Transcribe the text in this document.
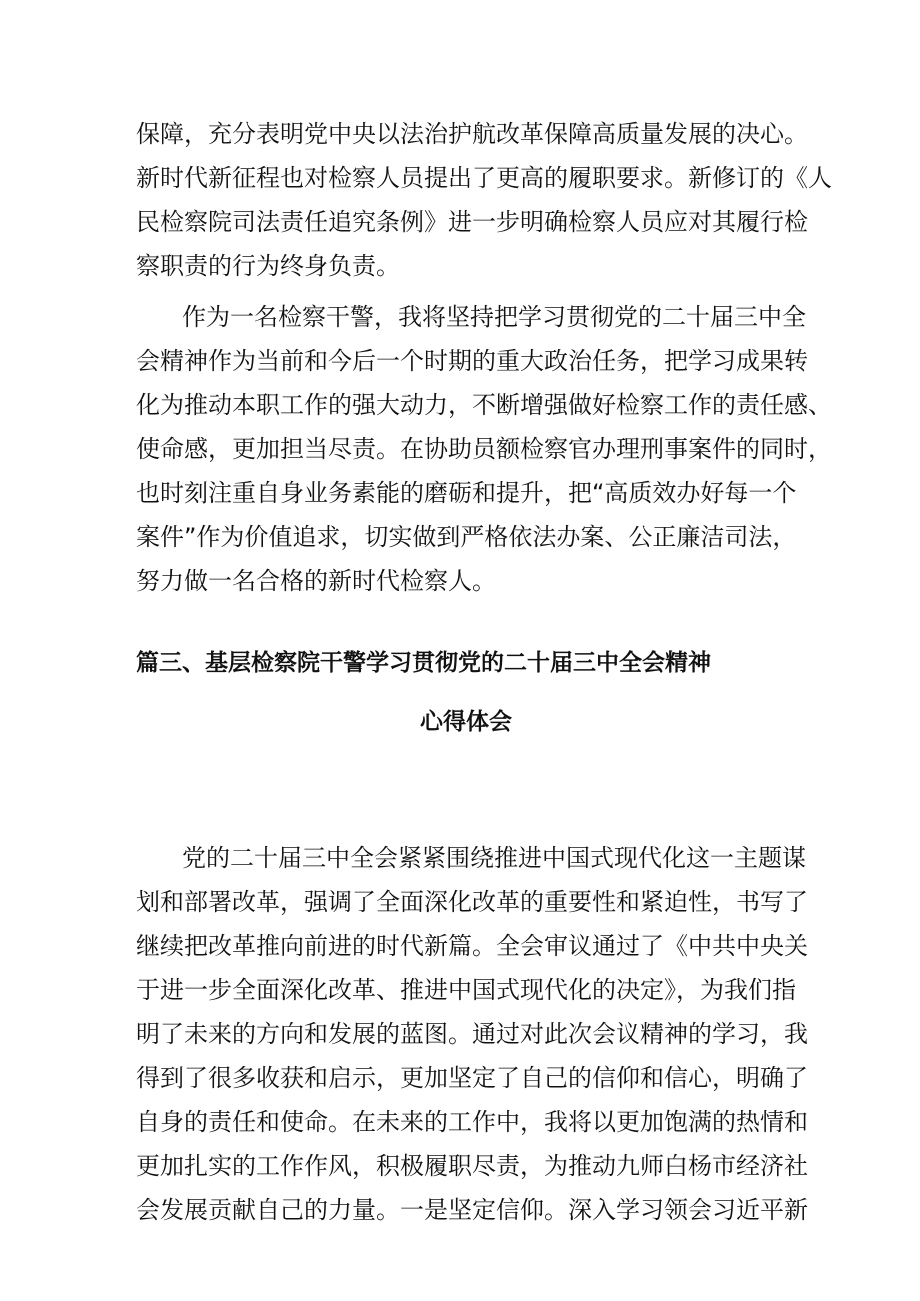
保障，充分表明党中央以法治护航改革保障高质量发展的决心。
新时代新征程也对检察人员提出了更高的履职要求。新修订的《人
民检察院司法责任追究条例》进一步明确检察人员应对其履行检
察职责的行为终身负责。
作为一名检察干警，我将坚持把学习贯彻党的二十届三中全
会精神作为当前和今后一个时期的重大政治任务，把学习成果转
化为推动本职工作的强大动力，不断增强做好检察工作的责任感、
使命感，更加担当尽责。在协助员额检察官办理刑事案件的同时，
也时刻注重自身业务素能的磨砺和提升，把“高质效办好每一个
案件”作为价值追求，切实做到严格依法办案、公正廉洁司法，
努力做一名合格的新时代检察人。
篇三、基层检察院干警学习贯彻党的二十届三中全会精神
心得体会
党的二十届三中全会紧紧围绕推进中国式现代化这一主题谋
划和部署改革，强调了全面深化改革的重要性和紧迫性，书写了
继续把改革推向前进的时代新篇。全会审议通过了《中共中央关
于进一步全面深化改革、推进中国式现代化的决定》，为我们指
明了未来的方向和发展的蓝图。通过对此次会议精神的学习，我
得到了很多收获和启示，更加坚定了自己的信仰和信心，明确了
自身的责任和使命。在未来的工作中，我将以更加饱满的热情和
更加扎实的工作作风，积极履职尽责，为推动九师白杨市经济社
会发展贡献自己的力量。一是坚定信仰。深入学习领会习近平新
